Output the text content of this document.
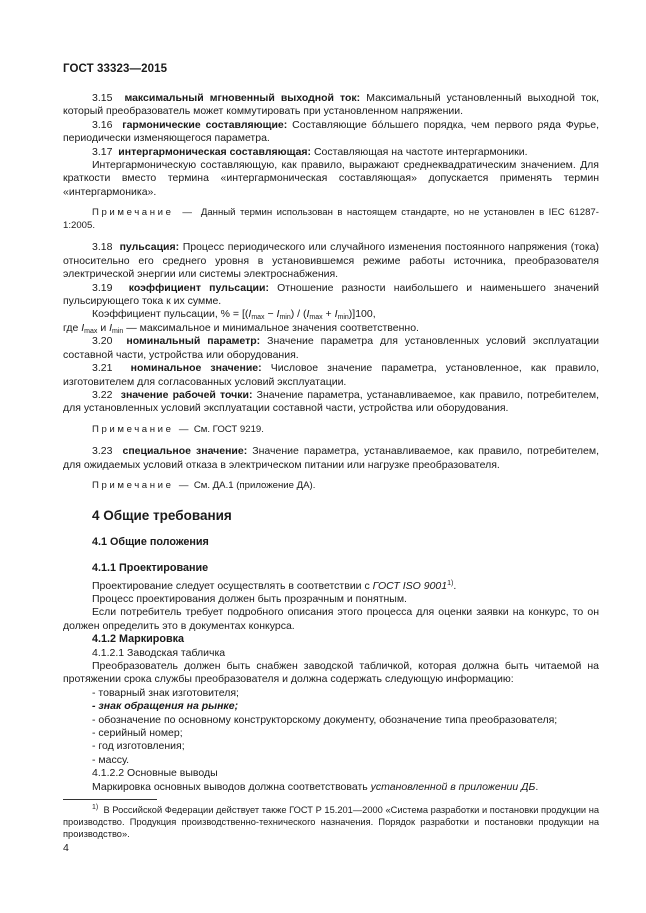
ГОСТ 33323—2015

3.15 максимальный мгновенный выходной ток: Максимальный установленный выходной ток, который преобразователь может коммутировать при установленном напряжении.

3.16 гармонические составляющие: Составляющие бóльшего порядка, чем первого ряда Фурье, периодически изменяющегося параметра.

3.17 интергармоническая составляющая: Составляющая на частоте интергармоники.

Интергармоническую составляющую, как правило, выражают среднеквадратическим значением. Для краткости вместо термина «интергармоническая составляющая» допускается применять термин «интергармоника».

Примечание — Данный термин использован в настоящем стандарте, но не установлен в IEC 61287-1:2005.

3.18 пульсация: Процесс периодического или случайного изменения постоянного напряжения (тока) относительно его среднего уровня в установившемся режиме работы источника, преобразователя электрической энергии или системы электроснабжения.

3.19 коэффициент пульсации: Отношение разности наибольшего и наименьшего значений пульсирующего тока к их сумме.

Коэффициент пульсации, % = $[(I_{max} - I_{min}) / (I_{max} + I_{min})]100$,

где $I_{max}$ и $I_{min}$ — максимальное и минимальное значения соответственно.

3.20 номинальный параметр: Значение параметра для установленных условий эксплуатации составной части, устройства или оборудования.

3.21 номинальное значение: Числовое значение параметра, установленное, как правило, изготовителем для согласованных условий эксплуатации.

3.22 значение рабочей точки: Значение параметра, устанавливаемое, как правило, потребителем, для установленных условий эксплуатации составной части, устройства или оборудования.

Примечание — См. ГОСТ 9219.

3.23 специальное значение: Значение параметра, устанавливаемое, как правило, потребителем, для ожидаемых условий отказа в электрическом питании или нагрузке преобразователя.

Примечание — См. ДА.1 (приложение ДА).

4 Общие требования
4.1 Общие положения
4.1.1 Проектирование

Проектирование следует осуществлять в соответствии с ГОСТ ISO 9001$^{1)}$.

Процесс проектирования должен быть прозрачным и понятным.

Если потребитель требует подробного описания этого процесса для оценки заявки на конкурс, то он должен определить это в документах конкурса.

4.1.2 Маркировка

4.1.2.1 Заводская табличка

Преобразователь должен быть снабжен заводской табличкой, которая должна быть читаемой на протяжении срока службы преобразователя и должна содержать следующую информацию:

- товарный знак изготовителя;

- знак обращения на рынке;

- обозначение по основному конструкторскому документу, обозначение типа преобразователя;

- серийный номер;

- год изготовления;

- массу.

4.1.2.2 Основные выводы

Маркировка основных выводов должна соответствовать установленной в приложении ДБ.

$^{1)}$ В Российской Федерации действует также ГОСТ Р 15.201—2000 «Система разработки и постановки продукции на производство. Продукция производственно-технического назначения. Порядок разработки и постановки продукции на производство».

4
